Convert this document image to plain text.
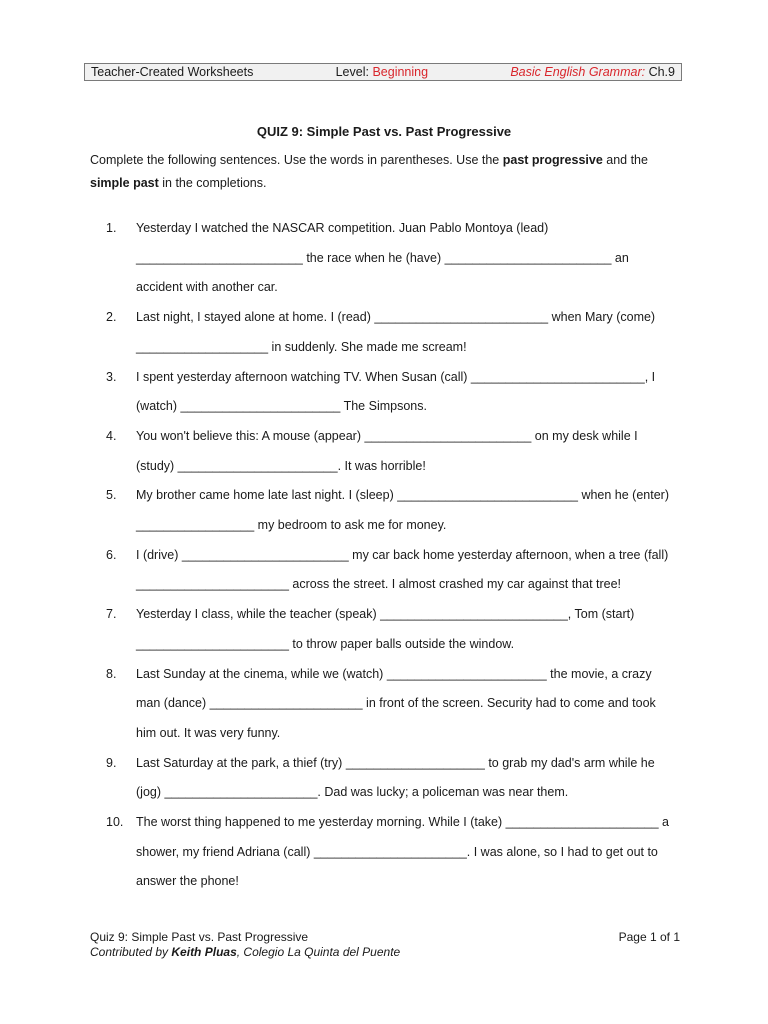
Teacher-Created Worksheets	Level: Beginning	Basic English Grammar: Ch.9
QUIZ 9: Simple Past vs. Past Progressive
Complete the following sentences. Use the words in parentheses. Use the past progressive and the
simple past in the completions.
1.	Yesterday I watched the NASCAR competition. Juan Pablo Montoya (lead)
________________________ the race when he (have) ________________________ an
accident with another car.
2.	Last night, I stayed alone at home. I (read) _________________________ when Mary (come)
___________________ in suddenly. She made me scream!
3.	I spent yesterday afternoon watching TV. When Susan (call) _________________________, I
(watch) _______________________ The Simpsons.
4.	You won't believe this: A mouse (appear) ________________________ on my desk while I
(study) _______________________. It was horrible!
5.	My brother came home late last night. I (sleep) __________________________ when he (enter)
_________________ my bedroom to ask me for money.
6.	I (drive) ________________________ my car back home yesterday afternoon, when a tree (fall)
______________________ across the street. I almost crashed my car against that tree!
7.	Yesterday I class, while the teacher (speak) ___________________________, Tom (start)
______________________ to throw paper balls outside the window.
8.	Last Sunday at the cinema, while we (watch) _______________________ the movie, a crazy
man (dance) ______________________ in front of the screen. Security had to come and took
him out. It was very funny.
9.	Last Saturday at the park, a thief (try) ____________________ to grab my dad's arm while he
(jog) ______________________. Dad was lucky; a policeman was near them.
10.	The worst thing happened to me yesterday morning. While I (take) ______________________ a
shower, my friend Adriana (call) ______________________. I was alone, so I had to get out to
answer the phone!
Quiz 9: Simple Past vs. Past Progressive
Contributed by Keith Pluas, Colegio La Quinta del Puente
Page 1 of 1
